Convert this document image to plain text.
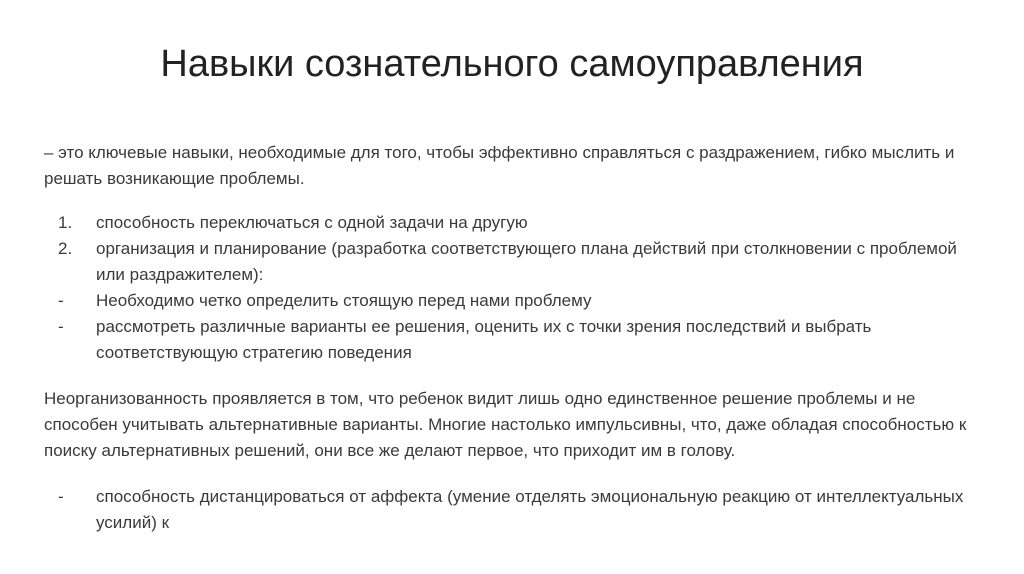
Навыки сознательного самоуправления

– это ключевые навыки, необходимые для того, чтобы эффективно справляться с раздражением, гибко мыслить и решать возникающие проблемы.

1. способность переключаться с одной задачи на другую
2. организация и планирование (разработка соответствующего плана действий при столкновении с проблемой или раздражителем):
- Необходимо четко определить стоящую перед нами проблему
- рассмотреть различные варианты ее решения, оценить их с точки зрения последствий и выбрать соответствующую стратегию поведения

Неорганизованность проявляется в том, что ребенок видит лишь одно единственное решение проблемы и не способен учитывать альтернативные варианты. Многие настолько импульсивны, что, даже обладая способностью к поиску альтернативных решений, они все же делают первое, что приходит им в голову.

- способность дистанцироваться от аффекта (умение отделять эмоциональную реакцию от интеллектуальных усилий) к
